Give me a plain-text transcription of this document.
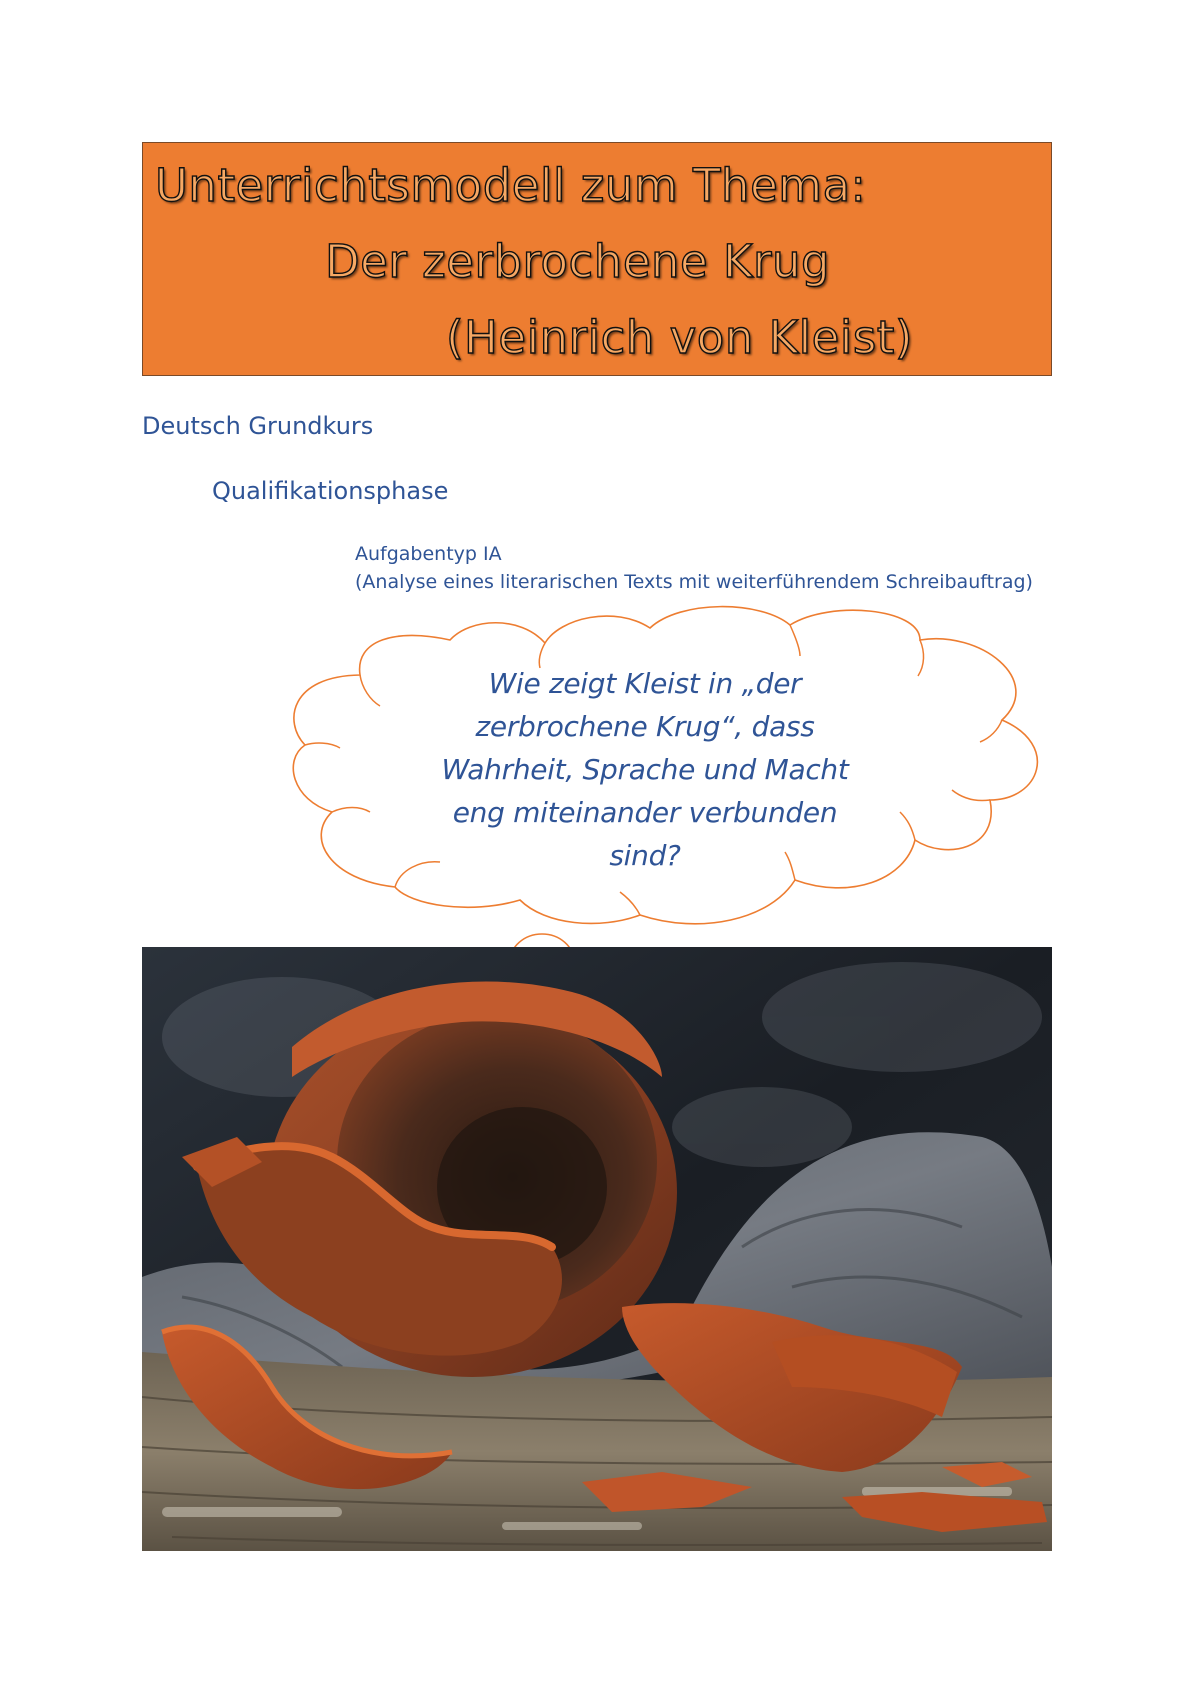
Unterrichtsmodell zum Thema:
Der zerbrochene Krug
(Heinrich von Kleist)
Deutsch Grundkurs
Qualifikationsphase
Aufgabentyp IA
(Analyse eines literarischen Texts mit weiterführendem Schreibauftrag)
Wie zeigt Kleist in „der
zerbrochene Krug“, dass
Wahrheit, Sprache und Macht
eng miteinander verbunden
sind?
